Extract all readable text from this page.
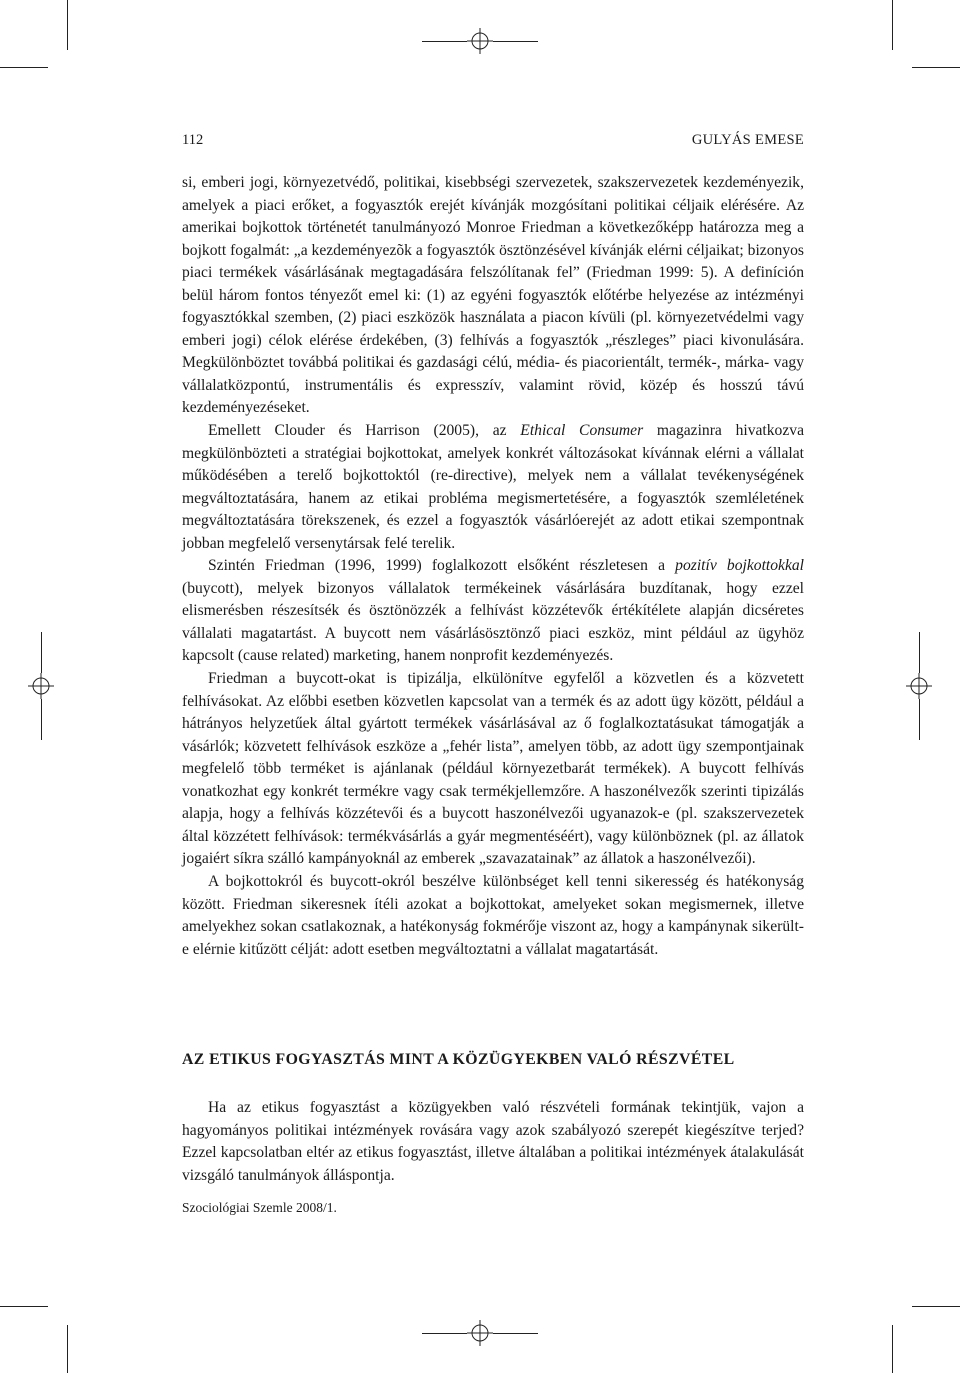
112	GULYÁS EMESE

si, emberi jogi, környezetvédő, politikai, kisebbségi szervezetek, szakszervezetek kezdeményezik, amelyek a piaci erőket, a fogyasztók erejét kívánják mozgósítani politikai céljaik elérésére. Az amerikai bojkottok történetét tanulmányozó Monroe Friedman a következőképp határozza meg a bojkott fogalmát: „a kezdeményezõk a fogyasztók ösztönzésével kívánják elérni céljaikat; bizonyos piaci termékek vásárlásának megtagadására felszólítanak fel” (Friedman 1999: 5). A definíción belül három fontos tényezőt emel ki: (1) az egyéni fogyasztók előtérbe helyezése az intézményi fogyasztókkal szemben, (2) piaci eszközök használata a piacon kívüli (pl. környezetvédelmi vagy emberi jogi) célok elérése érdekében, (3) felhívás a fogyasztók „részleges” piaci kivonulására. Megkülönböztet továbbá politikai és gazdasági célú, média- és piacorientált, termék-, márka- vagy vállalatközpontú, instrumentális és expresszív, valamint rövid, közép és hosszú távú kezdeményezéseket.

Emellett Clouder és Harrison (2005), az Ethical Consumer magazinra hivatkozva megkülönbözteti a stratégiai bojkottokat, amelyek konkrét változásokat kívánnak elérni a vállalat működésében a terelő bojkottoktól (re-directive), melyek nem a vállalat tevékenységének megváltoztatására, hanem az etikai probléma megismertetésére, a fogyasztók szemléletének megváltoztatására törekszenek, és ezzel a fogyasztók vásárlóerejét az adott etikai szempontnak jobban megfelelő versenytársak felé terelik.

Szintén Friedman (1996, 1999) foglalkozott elsőként részletesen a pozitív bojkottokkal (buycott), melyek bizonyos vállalatok termékeinek vásárlására buzdítanak, hogy ezzel elismerésben részesítsék és ösztönözzék a felhívást közzétevők értékítélete alapján dicséretes vállalati magatartást. A buycott nem vásárlásösztönző piaci eszköz, mint például az ügyhöz kapcsolt (cause related) marketing, hanem nonprofit kezdeményezés.

Friedman a buycott-okat is tipizálja, elkülönítve egyfelől a közvetlen és a közvetett felhívásokat. Az előbbi esetben közvetlen kapcsolat van a termék és az adott ügy között, például a hátrányos helyzetűek által gyártott termékek vásárlásával az ő foglalkoztatásukat támogatják a vásárlók; közvetett felhívások eszköze a „fehér lista”, amelyen több, az adott ügy szempontjainak megfelelő több terméket is ajánlanak (például környezetbarát termékek). A buycott felhívás vonatkozhat egy konkrét termékre vagy csak termékjellemzőre. A haszonélvezők szerinti tipizálás alapja, hogy a felhívás közzétevői és a buycott haszonélvezői ugyanazok-e (pl. szakszervezetek által közzétett felhívások: termékvásárlás a gyár megmentéséért), vagy különböznek (pl. az állatok jogaiért síkra szálló kampányoknál az emberek „szavazatainak” az állatok a haszonélvezői).

A bojkottokról és buycott-okról beszélve különbséget kell tenni sikeresség és hatékonyság között. Friedman sikeresnek ítéli azokat a bojkottokat, amelyeket sokan megismernek, illetve amelyekhez sokan csatlakoznak, a hatékonyság fokmérője viszont az, hogy a kampánynak sikerült-e elérnie kitűzött célját: adott esetben megváltoztatni a vállalat magatartását.

AZ ETIKUS FOGYASZTÁS MINT A KÖZÜGYEKBEN VALÓ RÉSZVÉTEL

Ha az etikus fogyasztást a közügyekben való részvételi formának tekintjük, vajon a hagyományos politikai intézmények rovására vagy azok szabályozó szerepét kiegészítve terjed? Ezzel kapcsolatban eltér az etikus fogyasztást, illetve általában a politikai intézmények átalakulását vizsgáló tanulmányok álláspontja.

Szociológiai Szemle 2008/1.
